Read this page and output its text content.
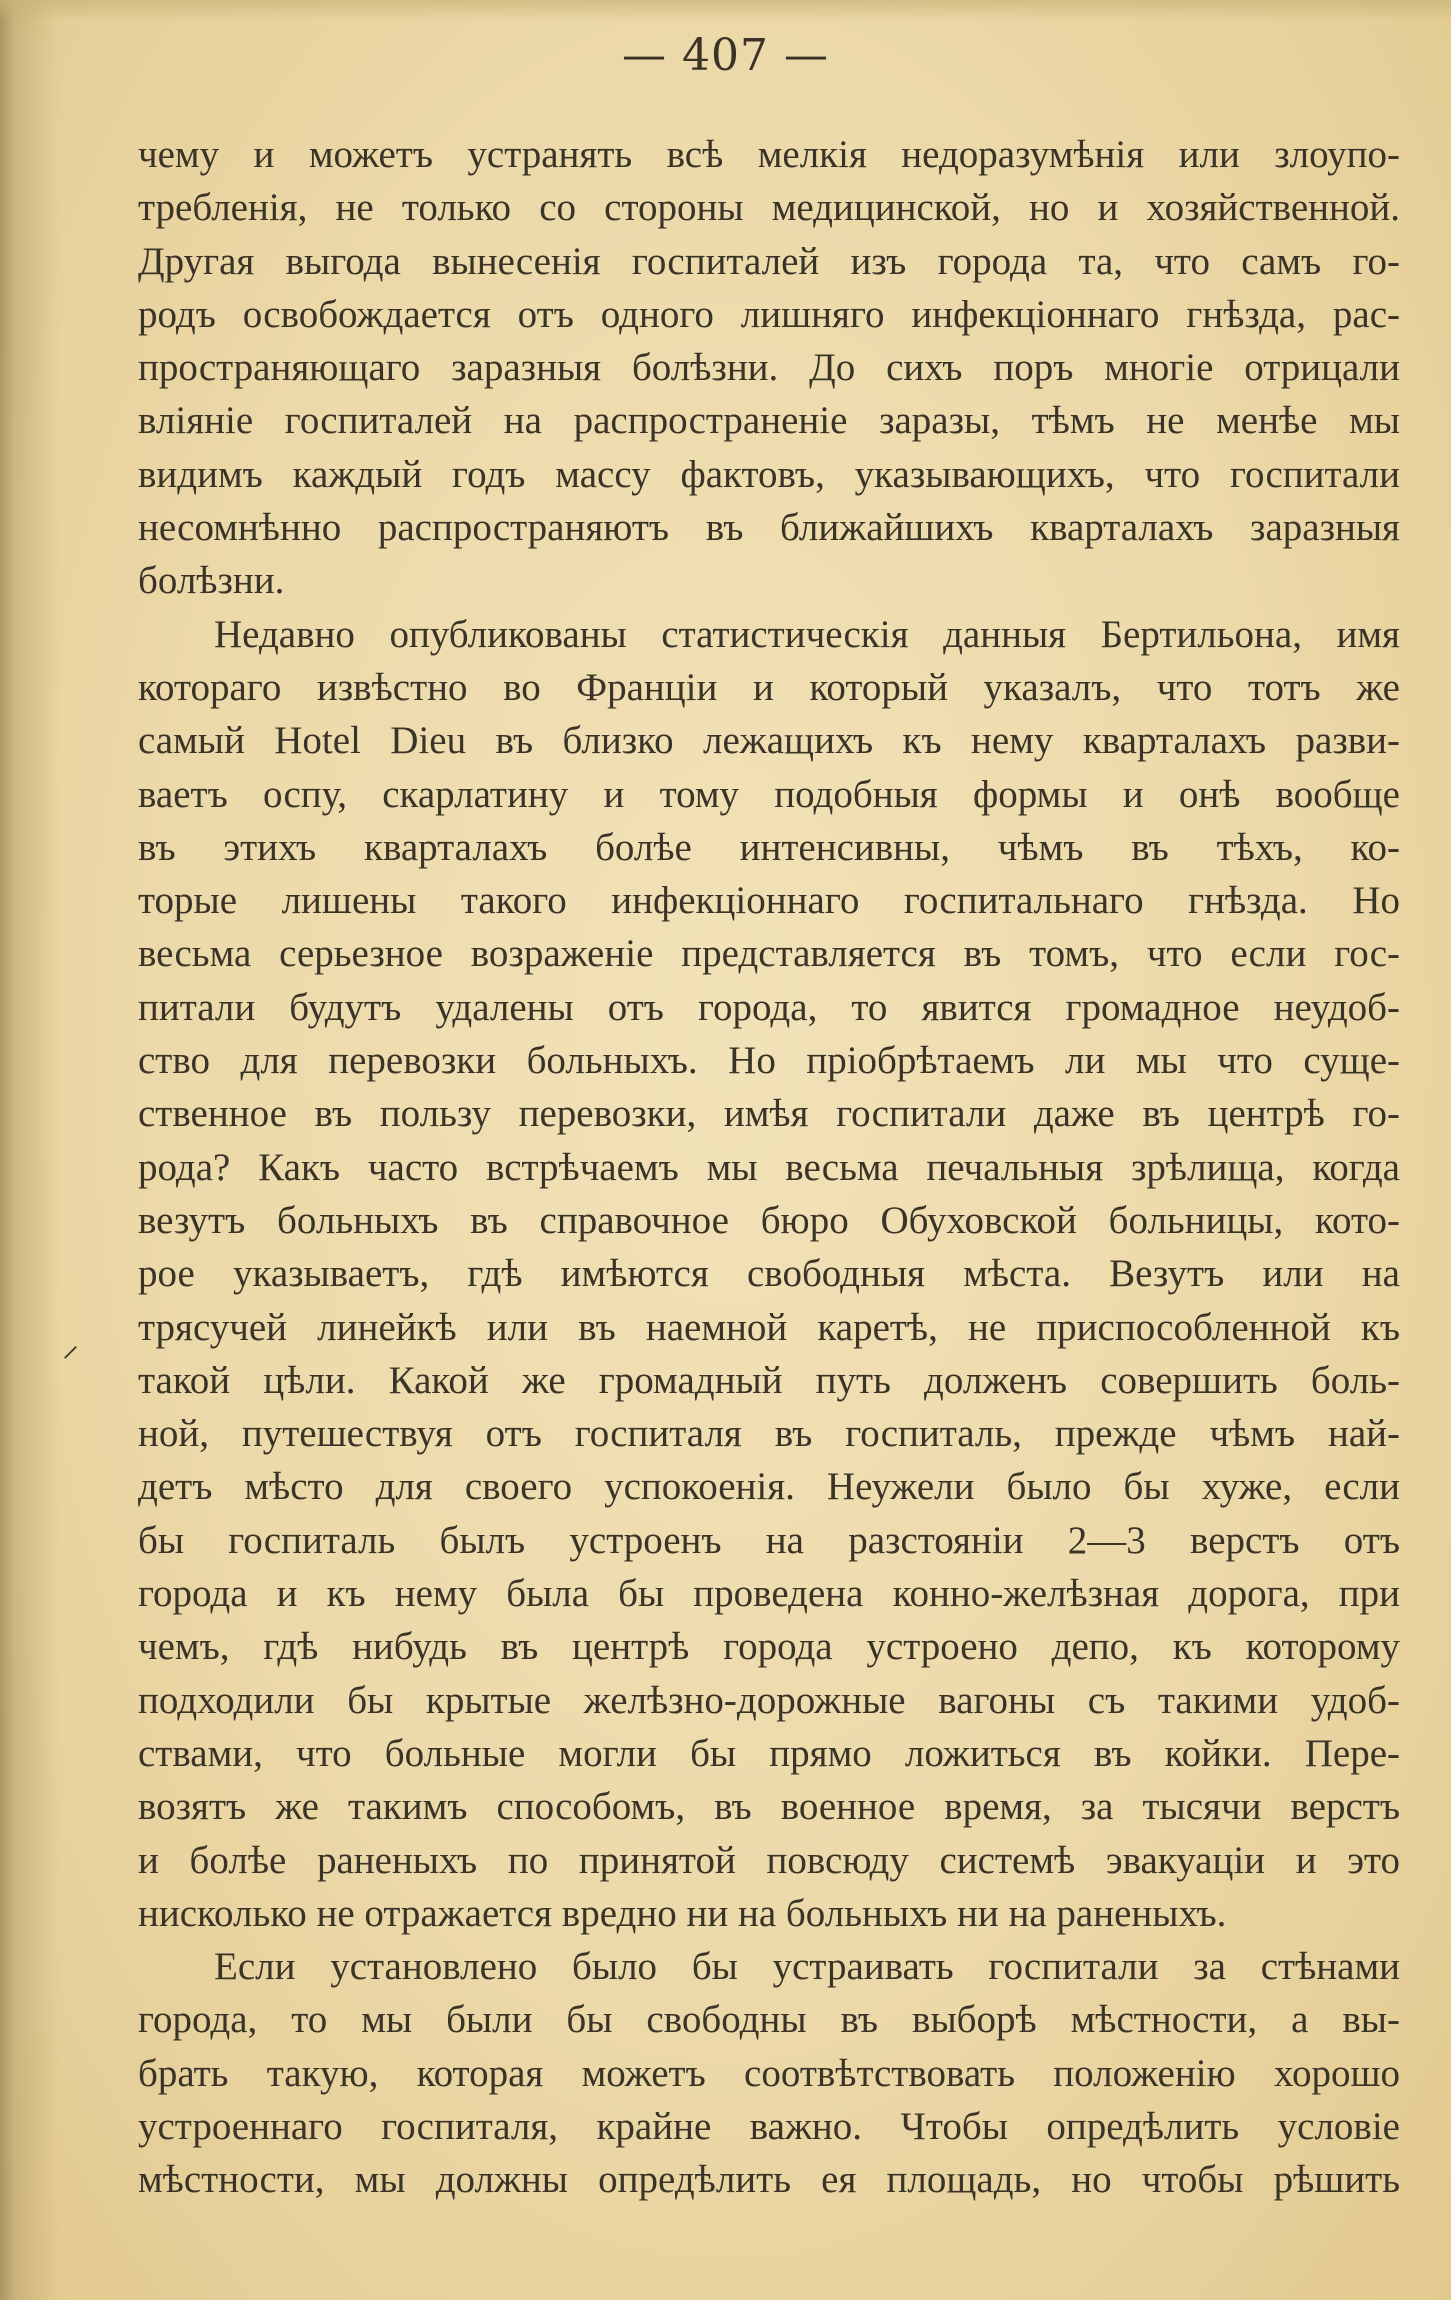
— 407 —
⸝
чему и можетъ устранять всѣ мелкія недоразумѣнія или злоупо-
требленія, не только со стороны медицинской, но и хозяйственной.
Другая выгода вынесенія госпиталей изъ города та, что самъ го-
родъ освобождается отъ одного лишняго инфекціоннаго гнѣзда, рас-
пространяющаго заразныя болѣзни. До сихъ поръ многіе отрицали
вліяніе госпиталей на распространеніе заразы, тѣмъ не менѣе мы
видимъ каждый годъ массу фактовъ, указывающихъ, что госпитали
несомнѣнно распространяютъ въ ближайшихъ кварталахъ заразныя
болѣзни.
Недавно опубликованы статистическія данныя Бертильона, имя
котораго извѣстно во Франціи и который указалъ, что тотъ же
самый Hotel Dieu въ близко лежащихъ къ нему кварталахъ разви-
ваетъ оспу, скарлатину и тому подобныя формы и онѣ вообще
въ этихъ кварталахъ болѣе интенсивны, чѣмъ въ тѣхъ, ко-
торые лишены такого инфекціоннаго госпитальнаго гнѣзда. Но
весьма серьезное возраженіе представляется въ томъ, что если гос-
питали будутъ удалены отъ города, то явится громадное неудоб-
ство для перевозки больныхъ. Но пріобрѣтаемъ ли мы что суще-
ственное въ пользу перевозки, имѣя госпитали даже въ центрѣ го-
рода? Какъ часто встрѣчаемъ мы весьма печальныя зрѣлища, когда
везутъ больныхъ въ справочное бюро Обуховской больницы, кото-
рое указываетъ, гдѣ имѣются свободныя мѣста. Везутъ или на
трясучей линейкѣ или въ наемной каретѣ, не приспособленной къ
такой цѣли. Какой же громадный путь долженъ совершить боль-
ной, путешествуя отъ госпиталя въ госпиталь, прежде чѣмъ най-
детъ мѣсто для своего успокоенія. Неужели было бы хуже, если
бы госпиталь былъ устроенъ на разстояніи 2—3 верстъ отъ
города и къ нему была бы проведена конно-желѣзная дорога, при
чемъ, гдѣ нибудь въ центрѣ города устроено депо, къ которому
подходили бы крытые желѣзно-дорожные вагоны съ такими удоб-
ствами, что больные могли бы прямо ложиться въ койки. Пере-
возятъ же такимъ способомъ, въ военное время, за тысячи верстъ
и болѣе раненыхъ по принятой повсюду системѣ эвакуаціи и это
нисколько не отражается вредно ни на больныхъ ни на раненыхъ.
Если установлено было бы устраивать госпитали за стѣнами
города, то мы были бы свободны въ выборѣ мѣстности, а вы-
брать такую, которая можетъ соотвѣтствовать положенію хорошо
устроеннаго госпиталя, крайне важно. Чтобы опредѣлить условіе
мѣстности, мы должны опредѣлить ея площадь, но чтобы рѣшить
